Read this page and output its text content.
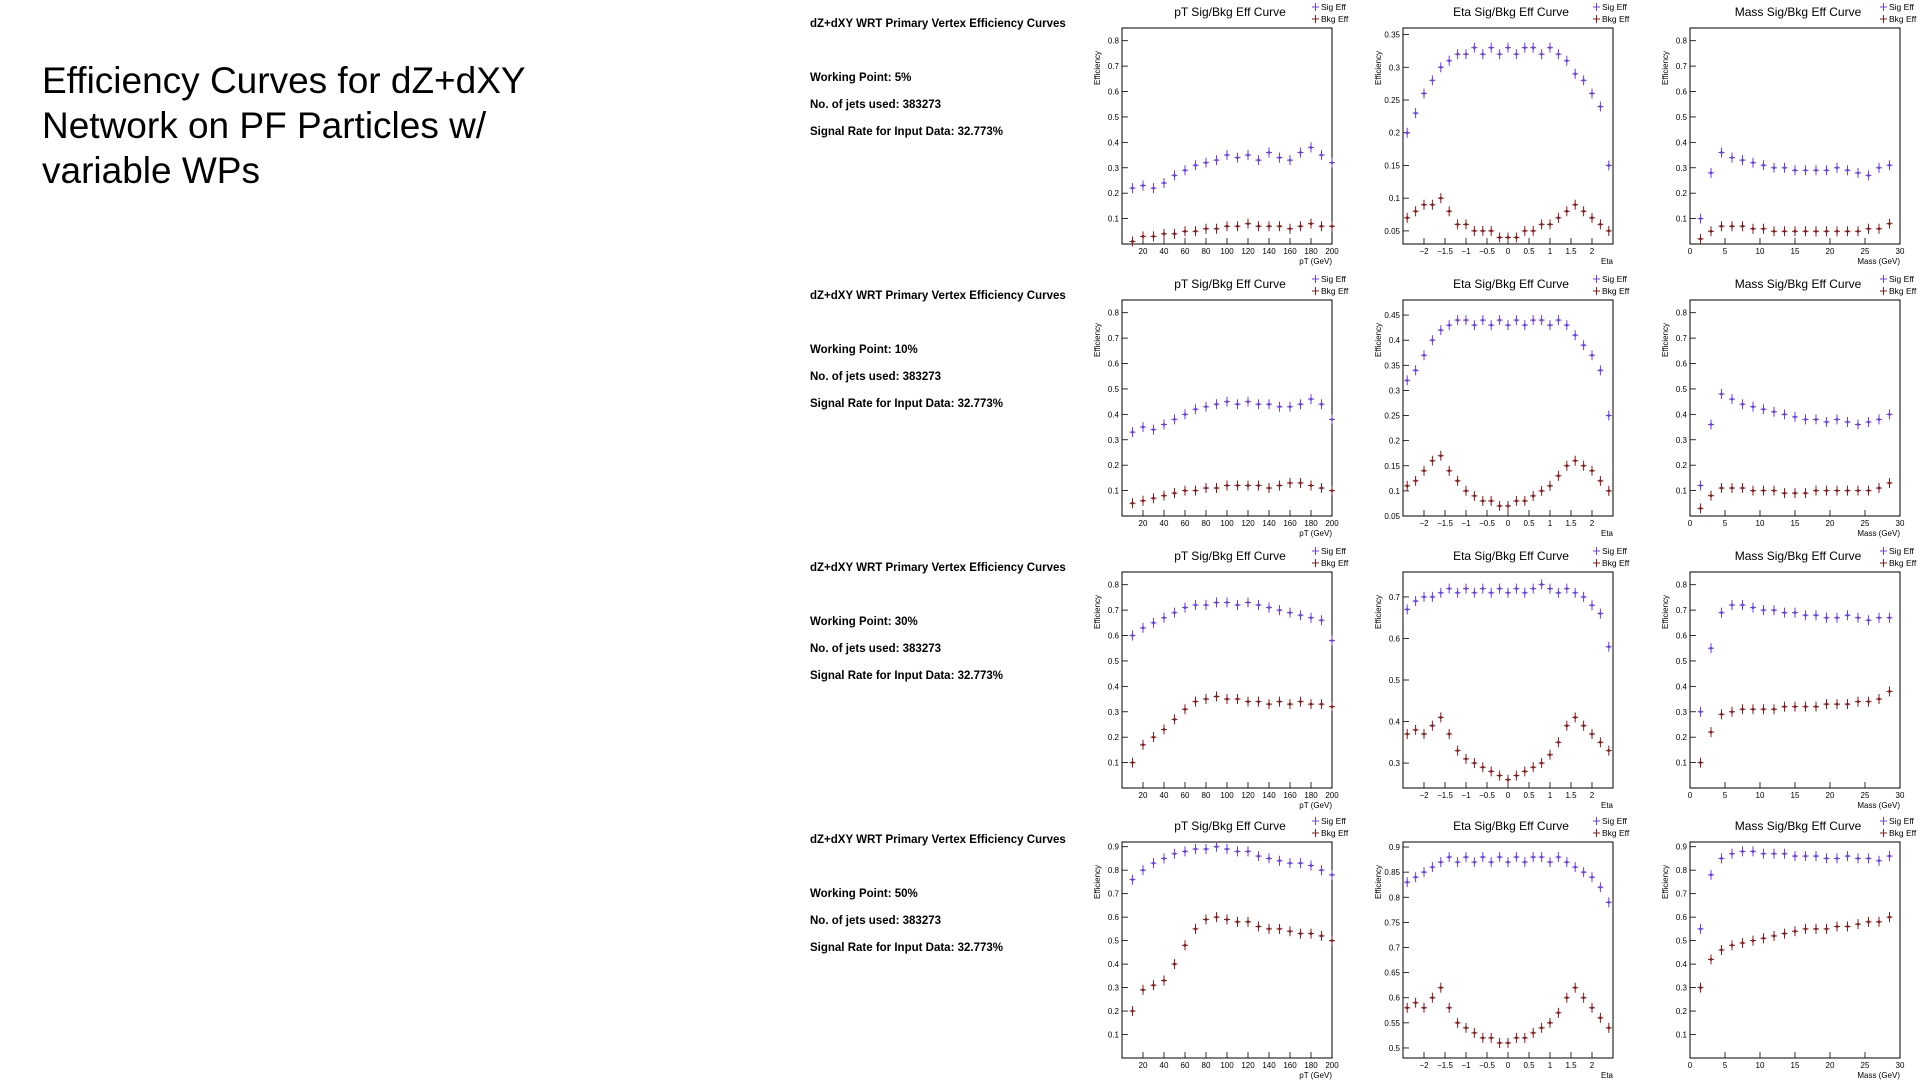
Efficiency Curves for dZ+dXY
Network on PF Particles w/
variable WPs
dZ+dXY WRT Primary Vertex Efficiency Curves
Working Point: 5%
No. of jets used: 383273
Signal Rate for Input Data: 32.773%
dZ+dXY WRT Primary Vertex Efficiency Curves
Working Point: 10%
No. of jets used: 383273
Signal Rate for Input Data: 32.773%
dZ+dXY WRT Primary Vertex Efficiency Curves
Working Point: 30%
No. of jets used: 383273
Signal Rate for Input Data: 32.773%
dZ+dXY WRT Primary Vertex Efficiency Curves
Working Point: 50%
No. of jets used: 383273
Signal Rate for Input Data: 32.773%
pT Sig/Bkg Eff Curve	Sig Eff
Bkg Eff
0.1
0.2
0.3
0.4
0.5
0.6
0.7
0.8
20 40 60 80 100 120 140 160 180 200
pT (GeV)
Efficiency
Eta Sig/Bkg Eff Curve	Sig Eff
Bkg Eff
0.05
0.1
0.15
0.2
0.25
0.3
0.35
−2 −1.5 −1 −0.5 0 0.5 1 1.5 2
Eta
Efficiency
Mass Sig/Bkg Eff Curve	Sig Eff
Bkg Eff
0.1
0.2
0.3
0.4
0.5
0.6
0.7
0.8
0	5	10	15	20	25	30
Mass (GeV)
Efficiency
pT Sig/Bkg Eff Curve	Sig Eff
Bkg Eff
0.1
0.2
0.3
0.4
0.5
0.6
0.7
0.8
20 40 60 80 100 120 140 160 180 200
pT (GeV)
Efficiency
Eta Sig/Bkg Eff Curve	Sig Eff
Bkg Eff
0.05
0.1
0.15
0.2
0.25
0.3
0.35
0.4
0.45
−2 −1.5 −1 −0.5 0 0.5 1 1.5 2
Eta
Efficiency
Mass Sig/Bkg Eff Curve	Sig Eff
Bkg Eff
0.1
0.2
0.3
0.4
0.5
0.6
0.7
0.8
0	5	10	15	20	25	30
Mass (GeV)
Efficiency
pT Sig/Bkg Eff Curve	Sig Eff
Bkg Eff
0.1
0.2
0.3
0.4
0.5
0.6
0.7
0.8
20 40 60 80 100 120 140 160 180 200
pT (GeV)
Efficiency
Eta Sig/Bkg Eff Curve	Sig Eff
Bkg Eff
0.3
0.4
0.5
0.6
0.7
−2 −1.5 −1 −0.5 0 0.5 1 1.5 2
Eta
Efficiency
Mass Sig/Bkg Eff Curve	Sig Eff
Bkg Eff
0.1
0.2
0.3
0.4
0.5
0.6
0.7
0.8
0	5	10	15	20	25	30
Mass (GeV)
Efficiency
pT Sig/Bkg Eff Curve	Sig Eff
Bkg Eff
0.1
0.2
0.3
0.4
0.5
0.6
0.7
0.8
0.9
20 40 60 80 100 120 140 160 180 200
pT (GeV)
Efficiency
Eta Sig/Bkg Eff Curve	Sig Eff
Bkg Eff
0.5
0.55
0.6
0.65
0.7
0.75
0.8
0.85
0.9
−2 −1.5 −1 −0.5 0 0.5 1 1.5 2
Eta
Efficiency
Mass Sig/Bkg Eff Curve	Sig Eff
Bkg Eff
0.1
0.2
0.3
0.4
0.5
0.6
0.7
0.8
0.9
0	5	10	15	20	25	30
Mass (GeV)
Efficiency
